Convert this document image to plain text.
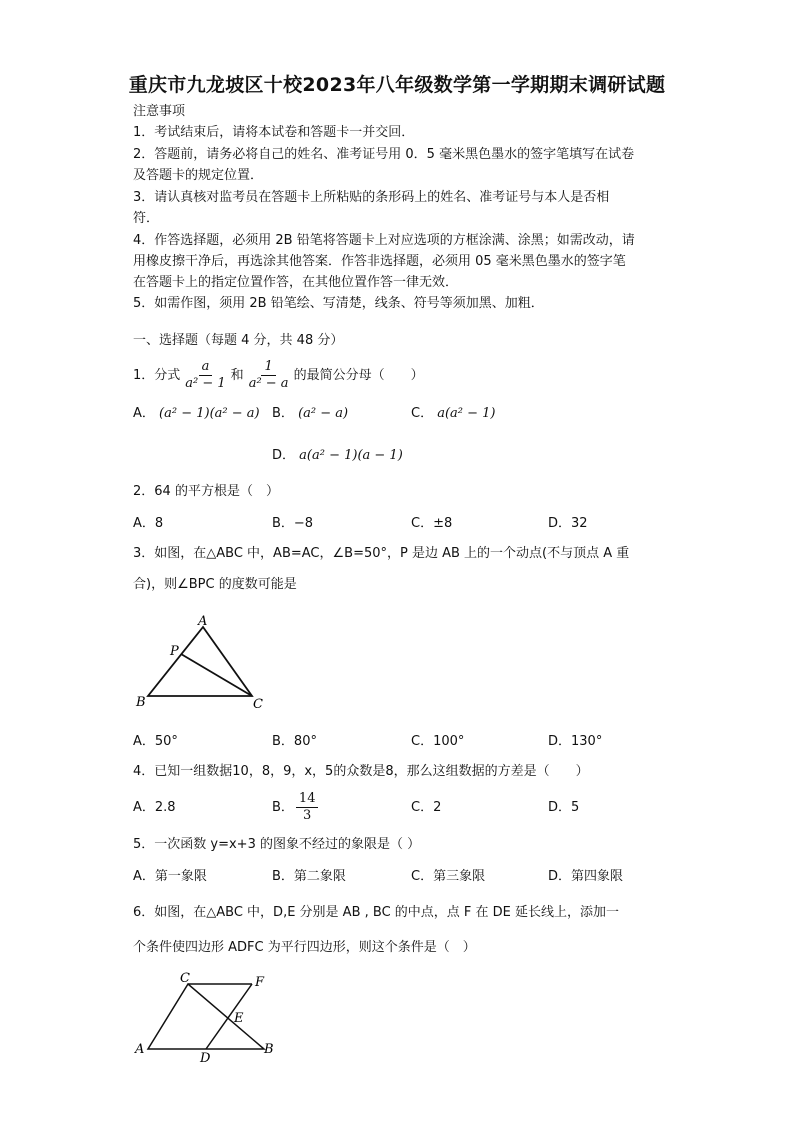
重庆市九龙坡区十校2023年八年级数学第一学期期末调研试题
注意事项
1．考试结束后，请将本试卷和答题卡一并交回．
2．答题前，请务必将自己的姓名、准考证号用 0．5 毫米黑色墨水的签字笔填写在试卷
及答题卡的规定位置．
3．请认真核对监考员在答题卡上所粘贴的条形码上的姓名、准考证号与本人是否相
符．
4．作答选择题，必须用 2B 铅笔将答题卡上对应选项的方框涂满、涂黑；如需改动，请
用橡皮擦干净后，再选涂其他答案．作答非选择题，必须用 05 毫米黑色墨水的签字笔
在答题卡上的指定位置作答，在其他位置作答一律无效．
5．如需作图，须用 2B 铅笔绘、写清楚，线条、符号等须加黑、加粗．
一、选择题（每题 4 分，共 48 分）
1．分式 $\frac{a}{\text{a² − 1}}$ 和 $\frac{1}{\text{a² − a}}$ 的最简公分母（　　）
A． (a² − 1)(a² − a) B． (a² − a)	C． a(a² − 1)
D． a(a² − 1)(a − 1)
2．64 的平方根是（　）
A．8	B．−8	C．±8	D．32
3．如图，在△ABC 中，AB=AC，∠B=50°，P 是边 AB 上的一个动点(不与顶点 A 重
合)，则∠BPC 的度数可能是
A
P
B	C
A．50°	B．80°	C．100°	D．130°
4．已知一组数据10，8，9，x，5的众数是8，那么这组数据的方差是（　　）
A．2.8	B． $\frac{14}{3}$	C．2	D．5
5．一次函数 y=x+3 的图象不经过的象限是（ ）
A．第一象限	B．第二象限	C．第三象限	D．第四象限
6．如图，在△ABC 中，D,E 分别是 AB , BC 的中点，点 F 在 DE 延长线上，添加一
个条件使四边形 ADFC 为平行四边形，则这个条件是（　）
C	F
E
A
D
B
